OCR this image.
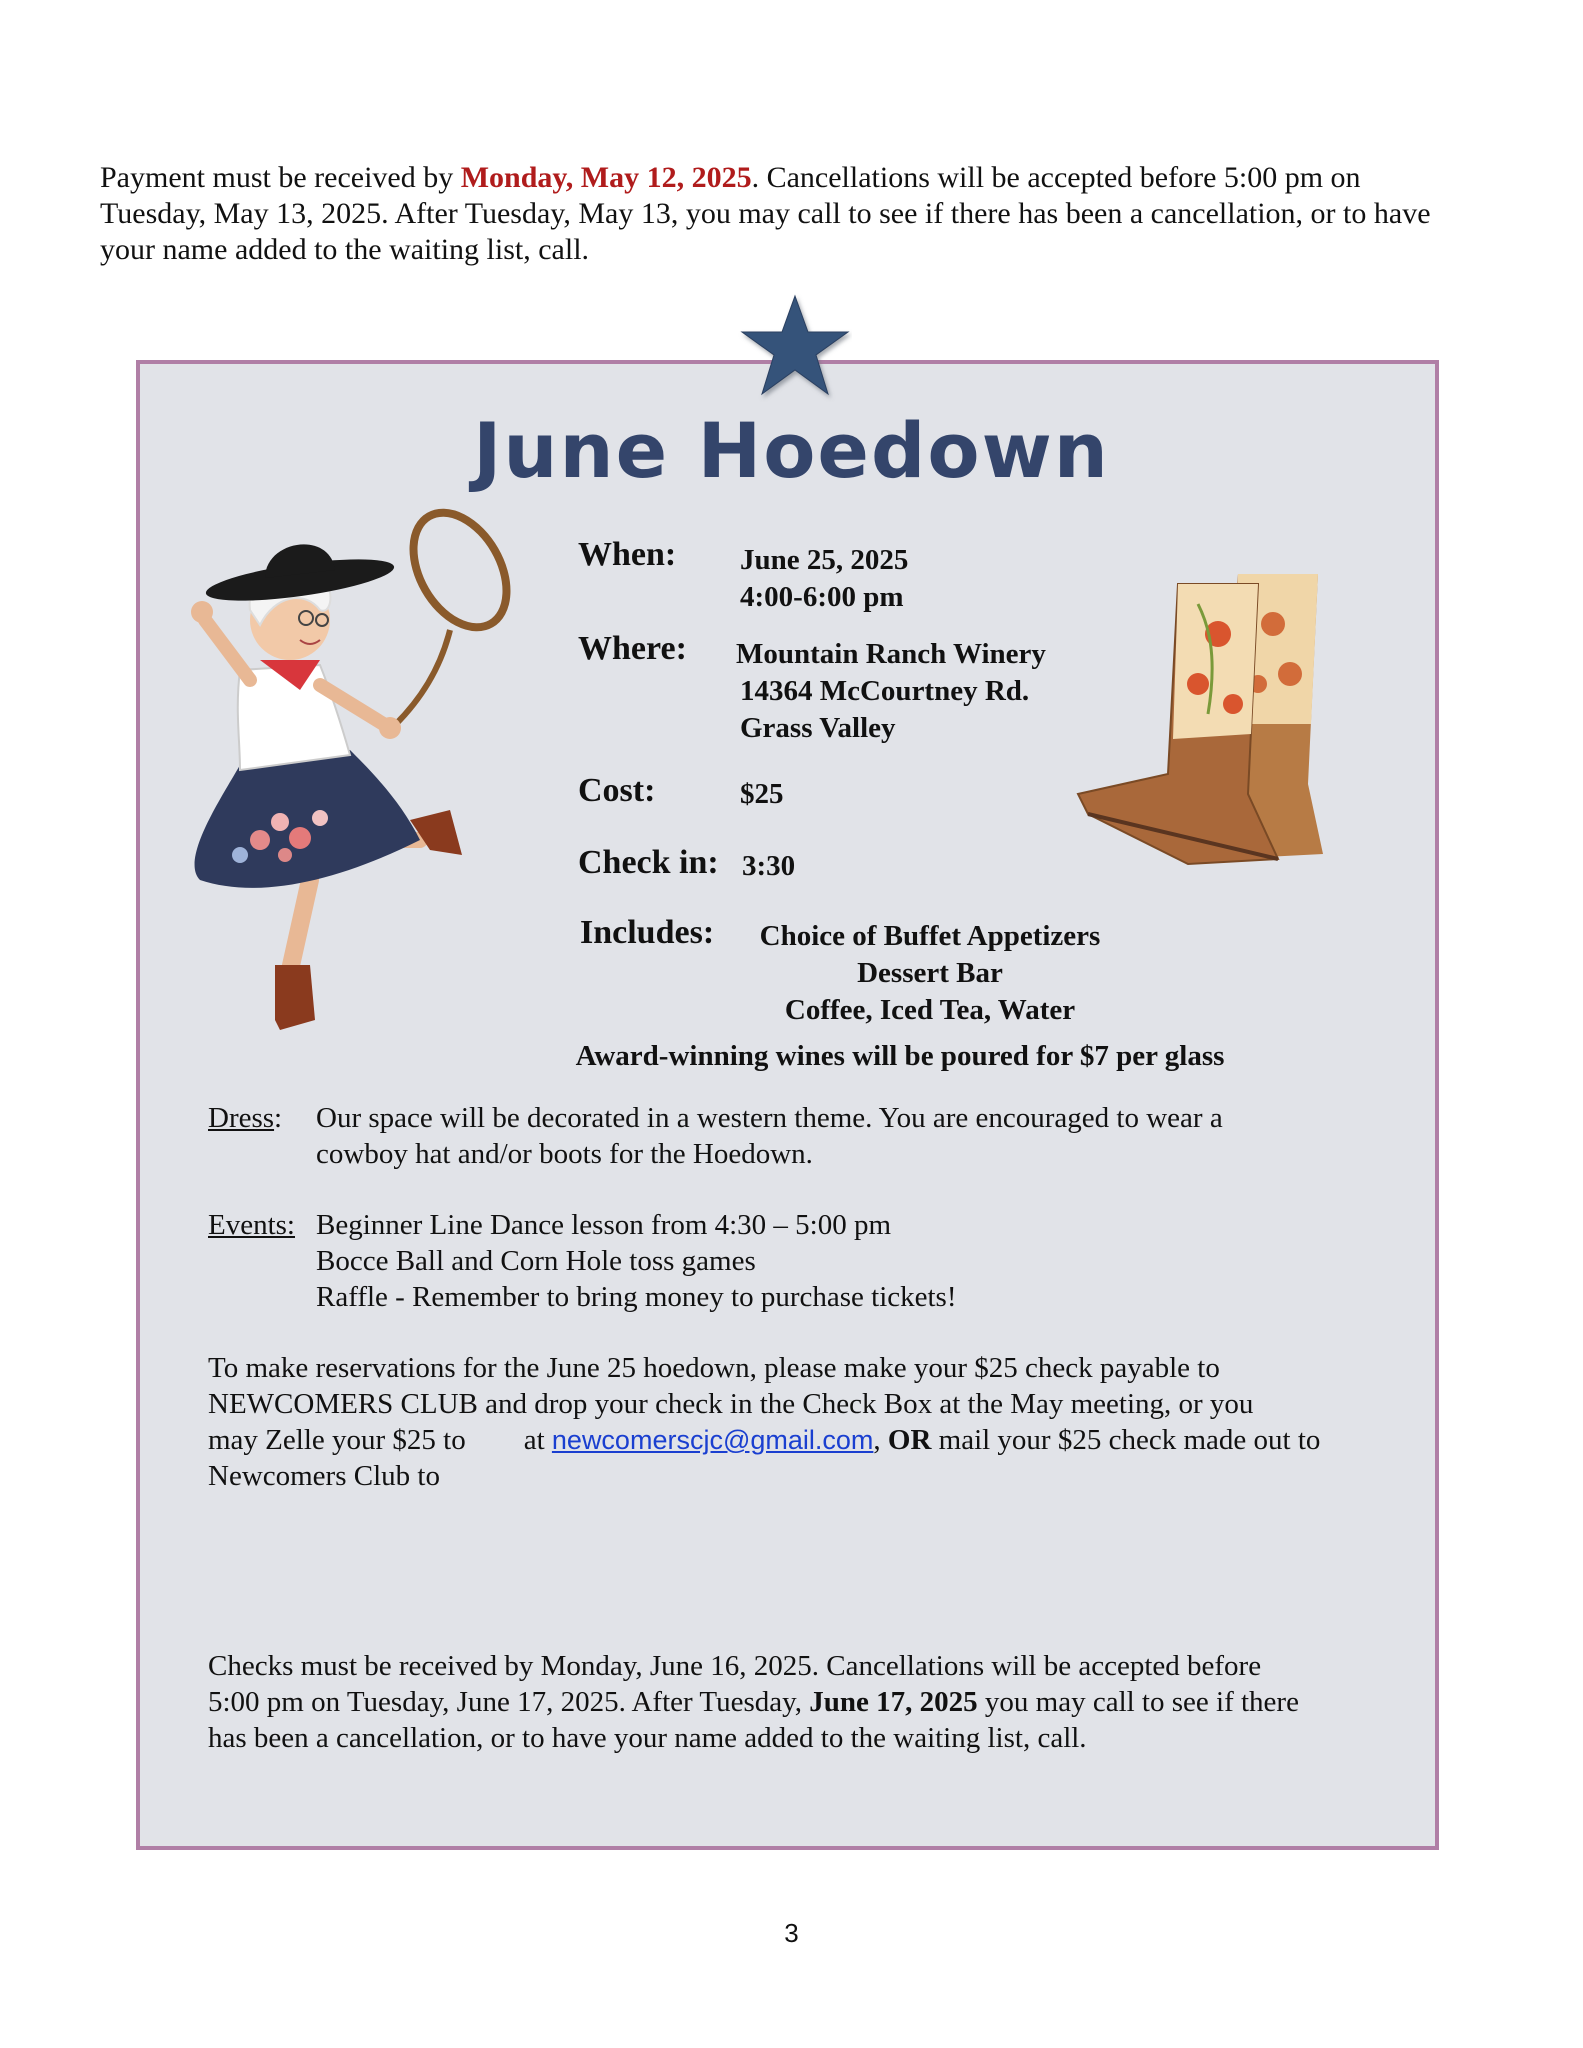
Payment must be received by Monday, May 12, 2025. Cancellations will be accepted before 5:00 pm on Tuesday, May 13, 2025. After Tuesday, May 13, you may call to see if there has been a cancellation, or to have your name added to the waiting list, call.
June Hoedown
When: June 25, 2025
4:00-6:00 pm
Where: Mountain Ranch Winery
14364 McCourtney Rd.
Grass Valley
Cost:	$25
Check in: 3:30
Includes:	Choice of Buffet Appetizers
Dessert Bar
Coffee, Iced Tea, Water
Award-winning wines will be poured for $7 per glass
Dress: Our space will be decorated in a western theme. You are encouraged to wear a
cowboy hat and/or boots for the Hoedown.
Events: Beginner Line Dance lesson from 4:30 – 5:00 pm
Bocce Ball and Corn Hole toss games
Raffle - Remember to bring money to purchase tickets!
To make reservations for the June 25 hoedown, please make your $25 check payable to
NEWCOMERS CLUB and drop your check in the Check Box at the May meeting, or you
may Zelle your $25 to at newcomerscjc@gmail.com, OR mail your $25 check made out to
Newcomers Club to
Checks must be received by Monday, June 16, 2025. Cancellations will be accepted before
5:00 pm on Tuesday, June 17, 2025. After Tuesday, June 17, 2025 you may call to see if there
has been a cancellation, or to have your name added to the waiting list, call.
3
